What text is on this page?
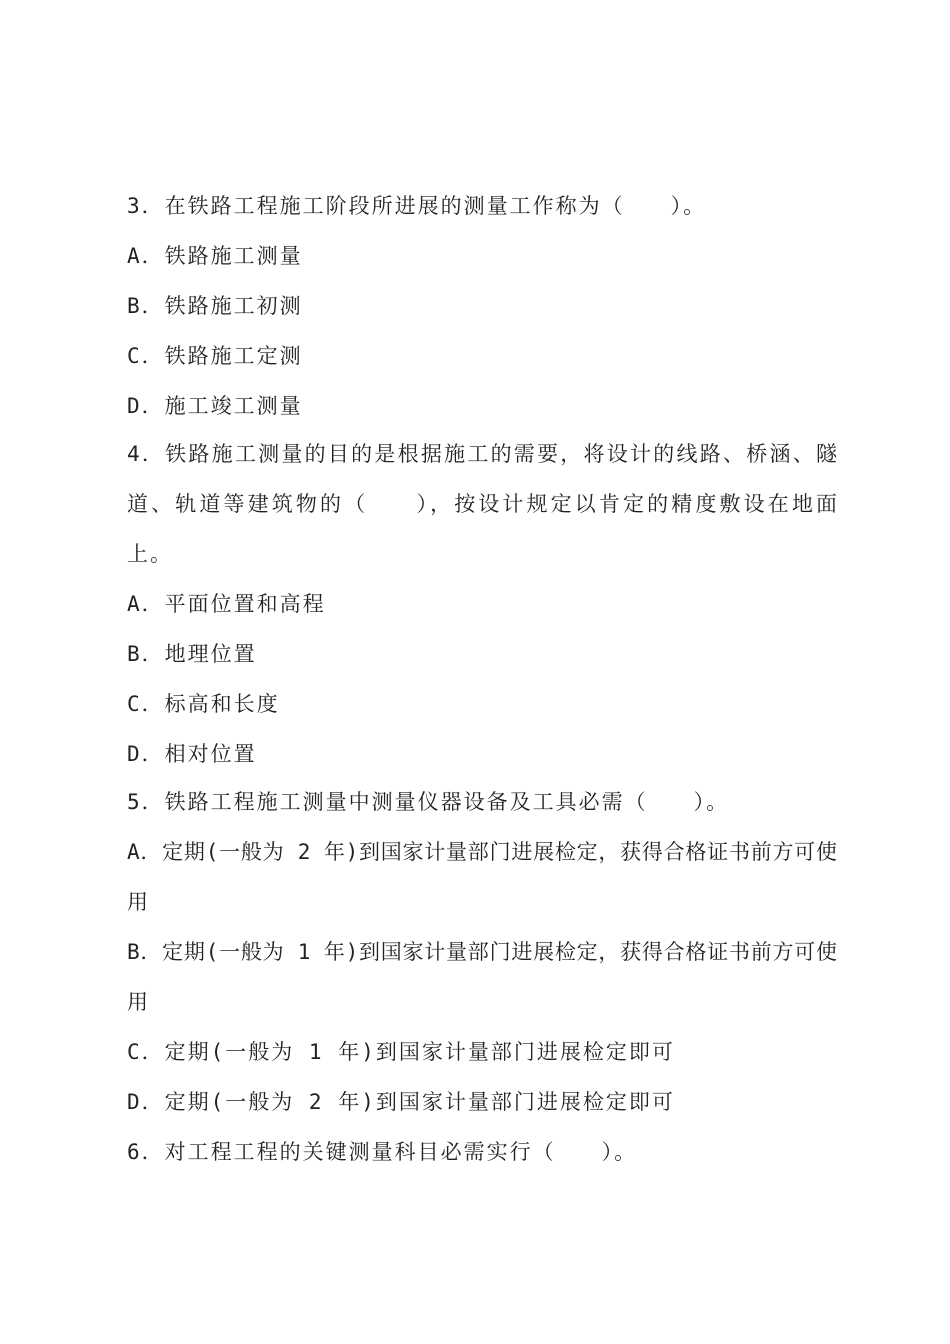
3．在铁路工程施工阶段所进展的测量工作称为（　　）。
A．铁路施工测量
B．铁路施工初测
C．铁路施工定测
D．施工竣工测量
4．铁路施工测量的目的是根据施工的需要，将设计的线路、桥涵、隧
道、轨道等建筑物的（　　），按设计规定以肯定的精度敷设在地面
上。
A．平面位置和高程
B．地理位置
C．标高和长度
D．相对位置
5．铁路工程施工测量中测量仪器设备及工具必需（　　）。
A．定期(一般为 2 年)到国家计量部门进展检定，获得合格证书前方可使
用
B．定期(一般为 1 年)到国家计量部门进展检定，获得合格证书前方可使
用
C．定期(一般为 1 年)到国家计量部门进展检定即可
D．定期(一般为 2 年)到国家计量部门进展检定即可
6．对工程工程的关键测量科目必需实行（　　）。
